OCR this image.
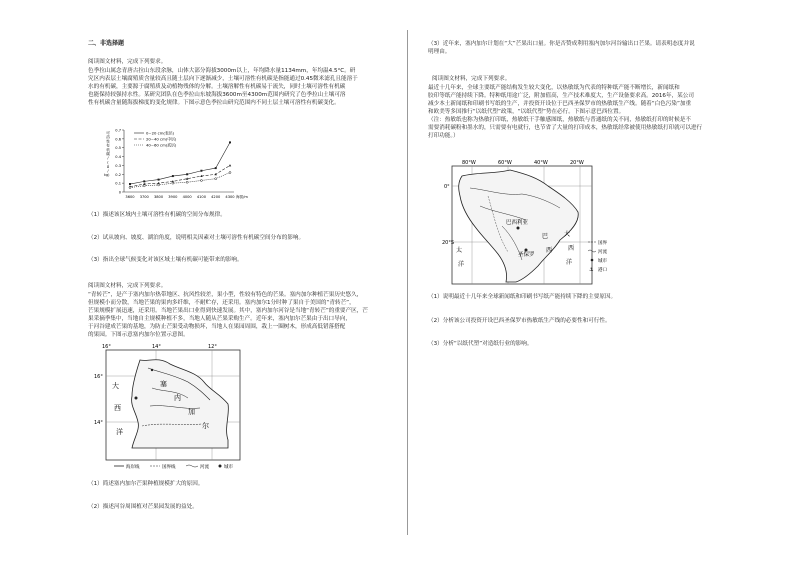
二、非选择题

阅读图文材料，完成下列要求。

色季拉山属念青唐古拉山东段余脉，山体大部分海拔3000m以上，年均降水量1134mm，年均温4.5°C。研

究区内表层土壤腐殖质含量较高且随土层向下逐渐减少，土壤可溶性有机碳是指能通过0.45微米滤孔且能溶于

水的有机碳，主要源于腐殖质及动植物残体的分解。土壤溶解性有机碳易于流失，同时土壤可溶性有机碳

也能保持较强持水性。某研究团队在色季拉山东坡海拔3600m至4300m范围内研究了色季拉山土壤可溶

性有机碳含量随海拔梯度的变化规律。下图示意色季拉山研究范围内不同土层土壤可溶性有机碳变化。

0
0.1
0.2
0.3
0.4
0.5
0.6
0.7
3600 3700 3800 3900 4000 4100 4200 4300 海拔/m
可
溶
性
有
机
碳
/
(
g
/
kg)
0~20 cm(表层)
20~40 cm(中层)
40~60 cm(底层)

（1）描述该区域内土壤可溶性有机碳的空间分布规律。

（2）试从坡向、坡度、湖泊角度，说明相关因素对土壤可溶性有机碳空间分布的影响。

（3）指出全球气候变化对该区域土壤有机碳可能带来的影响。

阅读图文材料，完成下列要求。

“青转芒”，是产于塞内加尔热带地区、抗风性较差，果小型，性较有特色的芒果。塞内加尔种植芒果历史悠久，

但规模小而分散，当地芒果的果肉多纤维，不耐贮存，还采用。塞内加尔1分时种了果自于美国的“青转芒”，

芒果规模扩展迅速，还采用。当地芒果出口业得到快速发展。其中，塞内加尔河谷是当地“青转芒”的重要产区，芒

果采摘季集中，当地自主规模种植不多，当地人随从芒果采购生产。近年来，塞内加尔芒果由于出口导向，

于河谷建成芒果的基地，为防止芒果受动物损坏，当地人在果园周围，栽上一圈树木，形成高低错落搭配

的果园。下图示意塞内加尔位置示意图。

16°
14°
16°	14°	12°
大
西
洋
塞
内
加
尔
海岸线	国界线	河流	城市

（1）简述塞内加尔芒果种植规模扩大的原因。

（2）描述河谷周围植对芒果园发展的益处。

（3）近年来，塞内加尔计划在“大”芒果出口量。你是否赞成利用塞内加尔河谷输出口芒果。请表明态度并说

明理由。

阅读图文材料，完成下列要求。

最近十几年来，全球主要纸产能结构发生较大变化，以热敏纸为代表的特种纸产能不断增长，新闻纸和

胶印等纸产能持续下降。特种纸用途广泛，附加值高，生产技术难度大，生产设备要求高。2016年，某公司

减少本土新闻纸和印刷书写纸的生产，并投资开设位于巴西圣保罗市的热敏纸生产线。随着“白色污染”加重

和欧美等多国推行“以纸代塑”政策，“以纸代塑”势在必行。下图示意巴西位置。

（注：热敏纸也称为热敏打印纸，热敏纸干手触感图纸，热敏纸与普通纸的关不同，热敏纸打印的时候是不

需要消耗碳粉和墨水的，只需要有电就行，也节省了大量的打印成本，热敏纸经常被使用热敏纸打印就可以进行

打印功能。）

80°W	60°W	40°W	20°W
0°
20°S
巴西利亚
圣保罗
大
西
洋
太
洋
巴
西
国界
河流
城市
⚓ 港口

（1）说明最近十几年来全球新闻纸和印刷书写纸产能持续下降的主要原因。

（2）分析该公司投资开设巴西圣保罗市热敏纸生产线的必要性和可行性。

（3）分析“以纸代塑”对造纸行业的影响。
